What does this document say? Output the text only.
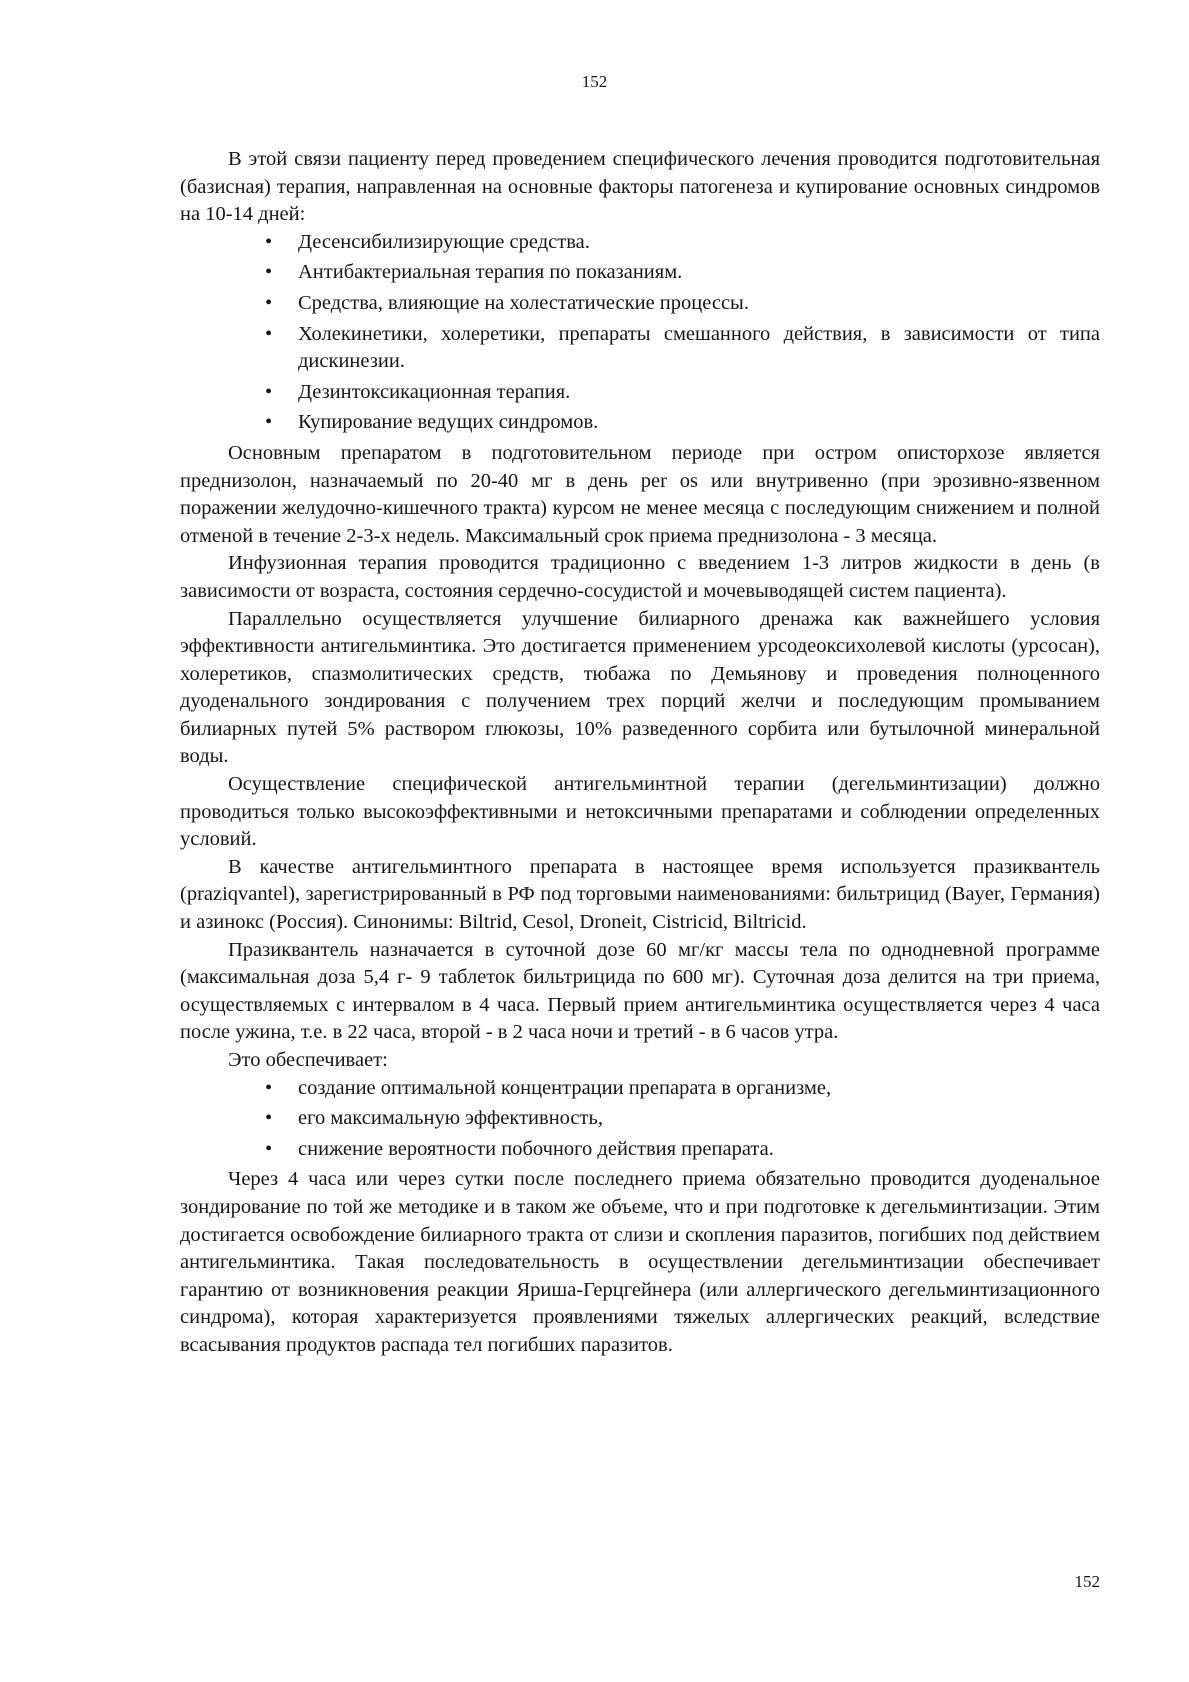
152

В этой связи пациенту перед проведением специфического лечения проводится подготовительная (базисная) терапия, направленная на основные факторы патогенеза и купирование основных синдромов на 10-14 дней:

• Десенсибилизирующие средства.
• Антибактериальная терапия по показаниям.
• Средства, влияющие на холестатические процессы.
• Холекинетики, холеретики, препараты смешанного действия, в зависимости от типа дискинезии.
• Дезинтоксикационная терапия.
• Купирование ведущих синдромов.

Основным препаратом в подготовительном периоде при остром описторхозе является преднизолон, назначаемый по 20-40 мг в день per os или внутривенно (при эрозивно-язвенном поражении желудочно-кишечного тракта) курсом не менее месяца с последующим снижением и полной отменой в течение 2-3-х недель. Максимальный срок приема преднизолона - 3 месяца.

Инфузионная терапия проводится традиционно с введением 1-3 литров жидкости в день (в зависимости от возраста, состояния сердечно-сосудистой и мочевыводящей систем пациента).

Параллельно осуществляется улучшение билиарного дренажа как важнейшего условия эффективности антигельминтика. Это достигается применением урсодеоксихолевой кислоты (урсосан), холеретиков, спазмолитических средств, тюбажа по Демьянову и проведения полноценного дуоденального зондирования с получением трех порций желчи и последующим промыванием билиарных путей 5% раствором глюкозы, 10% разведенного сорбита или бутылочной минеральной воды.

Осуществление специфической антигельминтной терапии (дегельминтизации) должно проводиться только высокоэффективными и нетоксичными препаратами и соблюдении определенных условий.

В качестве антигельминтного препарата в настоящее время используется празиквантель (praziqvantel), зарегистрированный в РФ под торговыми наименованиями: бильтрицид (Bayer, Германия) и азинокс (Россия). Синонимы: Biltrid, Cesol, Droneit, Cistricid, Biltricid.

Празиквантель назначается в суточной дозе 60 мг/кг массы тела по однодневной программе (максимальная доза 5,4 г- 9 таблеток бильтрицида по 600 мг). Суточная доза делится на три приема, осуществляемых с интервалом в 4 часа. Первый прием антигельминтика осуществляется через 4 часа после ужина, т.е. в 22 часа, второй - в 2 часа ночи и третий - в 6 часов утра.

Это обеспечивает:

• создание оптимальной концентрации препарата в организме,
• его максимальную эффективность,
• снижение вероятности побочного действия препарата.

Через 4 часа или через сутки после последнего приема обязательно проводится дуоденальное зондирование по той же методике и в таком же объеме, что и при подготовке к дегельминтизации. Этим достигается освобождение билиарного тракта от слизи и скопления паразитов, погибших под действием антигельминтика. Такая последовательность в осуществлении дегельминтизации обеспечивает гарантию от возникновения реакции Яриша-Герцгейнера (или аллергического дегельминтизационного синдрома), которая характеризуется проявлениями тяжелых аллергических реакций, вследствие всасывания продуктов распада тел погибших паразитов.

152
